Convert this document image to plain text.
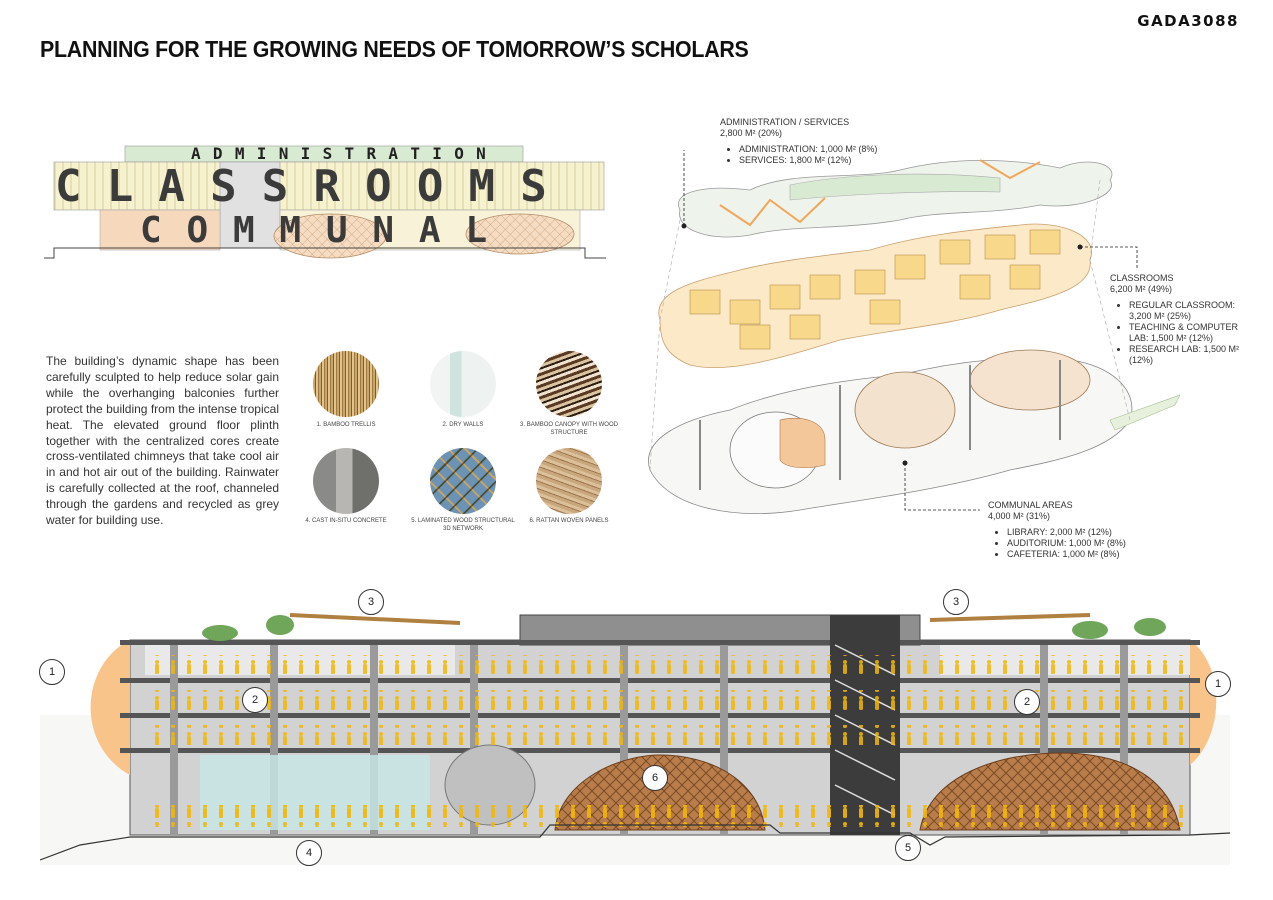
GADA3088
PLANNING FOR THE GROWING NEEDS OF TOMORROW’S SCHOLARS
ADMINISTRATION
CLASSROOMS
COMMUNAL
The building’s dynamic shape has been carefully sculpted to help reduce solar gain while the overhanging balconies further protect the building from the intense tropical heat. The elevated ground floor plinth together with the centralized cores create cross-ventilated chimneys that take cool air in and hot air out of the building. Rainwater is carefully collected at the roof, channeled through the gardens and recycled as grey water for building use.
1. BAMBOO TRELLIS	2. DRY WALLS	3. BAMBOO CANOPY WITH WOOD STRUCTURE
4. CAST IN-SITU CONCRETE	5. LAMINATED WOOD STRUCTURAL 3D NETWORK
6. RATTAN WOVEN PANELS
ADMINISTRATION / SERVICES
2,800 M² (20%)
• ADMINISTRATION: 1,000 M² (8%)
• SERVICES: 1,800 M² (12%)
CLASSROOMS
6,200 M² (49%)
• REGULAR CLASSROOM: 3,200 M² (25%)
• TEACHING & COMPUTER LAB: 1,500 M² (12%)
• RESEARCH LAB: 1,500 M² (12%)
COMMUNAL AREAS
4,000 M² (31%)
• LIBRARY: 2,000 M² (12%)
• AUDITORIUM: 1,000 M² (8%)
• CAFETERIA: 1,000 M² (8%)
1
1
2	2
3	3
4	5
6
